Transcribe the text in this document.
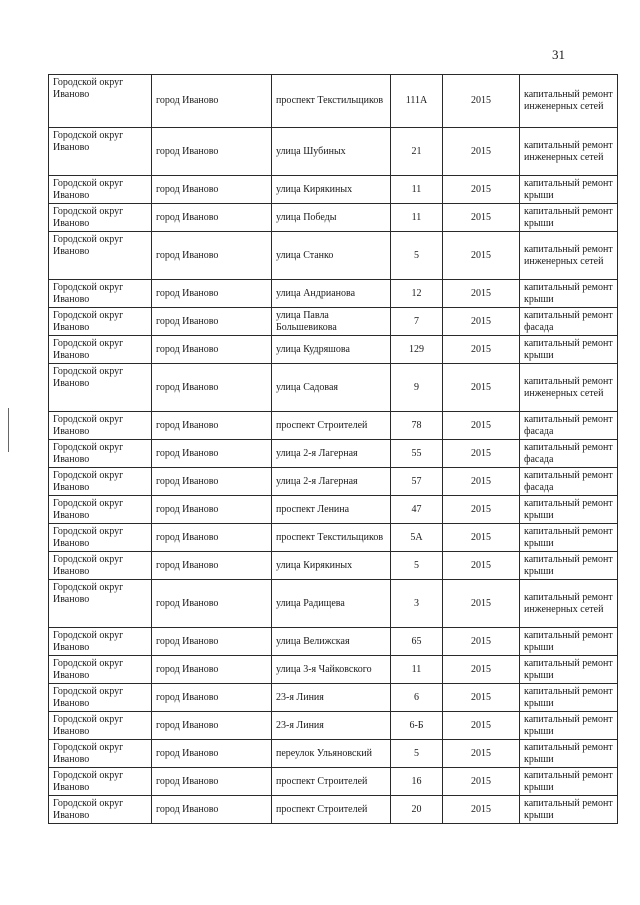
31
Городской округ Иваново	город Иваново	проспект Текстильщиков	111А	2015	капитальный ремонт инженерных сетей
Городской округ Иваново	город Иваново	улица Шубиных	21	2015	капитальный ремонт инженерных сетей
Городской округ Иваново	город Иваново	улица Кирякиных	11	2015	капитальный ремонт крыши
Городской округ Иваново	город Иваново	улица Победы	11	2015	капитальный ремонт крыши
Городской округ Иваново	город Иваново	улица Станко	5	2015	капитальный ремонт инженерных сетей
Городской округ Иваново	город Иваново	улица Андрианова	12	2015	капитальный ремонт крыши
Городской округ Иваново	город Иваново	улица Павла Большевикова	7	2015	капитальный ремонт фасада
Городской округ Иваново	город Иваново	улица Кудряшова	129	2015	капитальный ремонт крыши
Городской округ Иваново	город Иваново	улица Садовая	9	2015	капитальный ремонт инженерных сетей
Городской округ Иваново	город Иваново	проспект Строителей	78	2015	капитальный ремонт фасада
Городской округ Иваново	город Иваново	улица 2-я Лагерная	55	2015	капитальный ремонт фасада
Городской округ Иваново	город Иваново	улица 2-я Лагерная	57	2015	капитальный ремонт фасада
Городской округ Иваново	город Иваново	проспект Ленина	47	2015	капитальный ремонт крыши
Городской округ Иваново	город Иваново	проспект Текстильщиков	5А	2015	капитальный ремонт крыши
Городской округ Иваново	город Иваново	улица Кирякиных	5	2015	капитальный ремонт крыши
Городской округ Иваново	город Иваново	улица Радищева	3	2015	капитальный ремонт инженерных сетей
Городской округ Иваново	город Иваново	улица Велижская	65	2015	капитальный ремонт крыши
Городской округ Иваново	город Иваново	улица 3-я Чайковского	11	2015	капитальный ремонт крыши
Городской округ Иваново	город Иваново	23-я Линия	6	2015	капитальный ремонт крыши
Городской округ Иваново	город Иваново	23-я Линия	6-Б	2015	капитальный ремонт крыши
Городской округ Иваново	город Иваново	переулок Ульяновский	5	2015	капитальный ремонт крыши
Городской округ Иваново	город Иваново	проспект Строителей	16	2015	капитальный ремонт крыши
Городской округ Иваново	город Иваново	проспект Строителей	20	2015	капитальный ремонт крыши
